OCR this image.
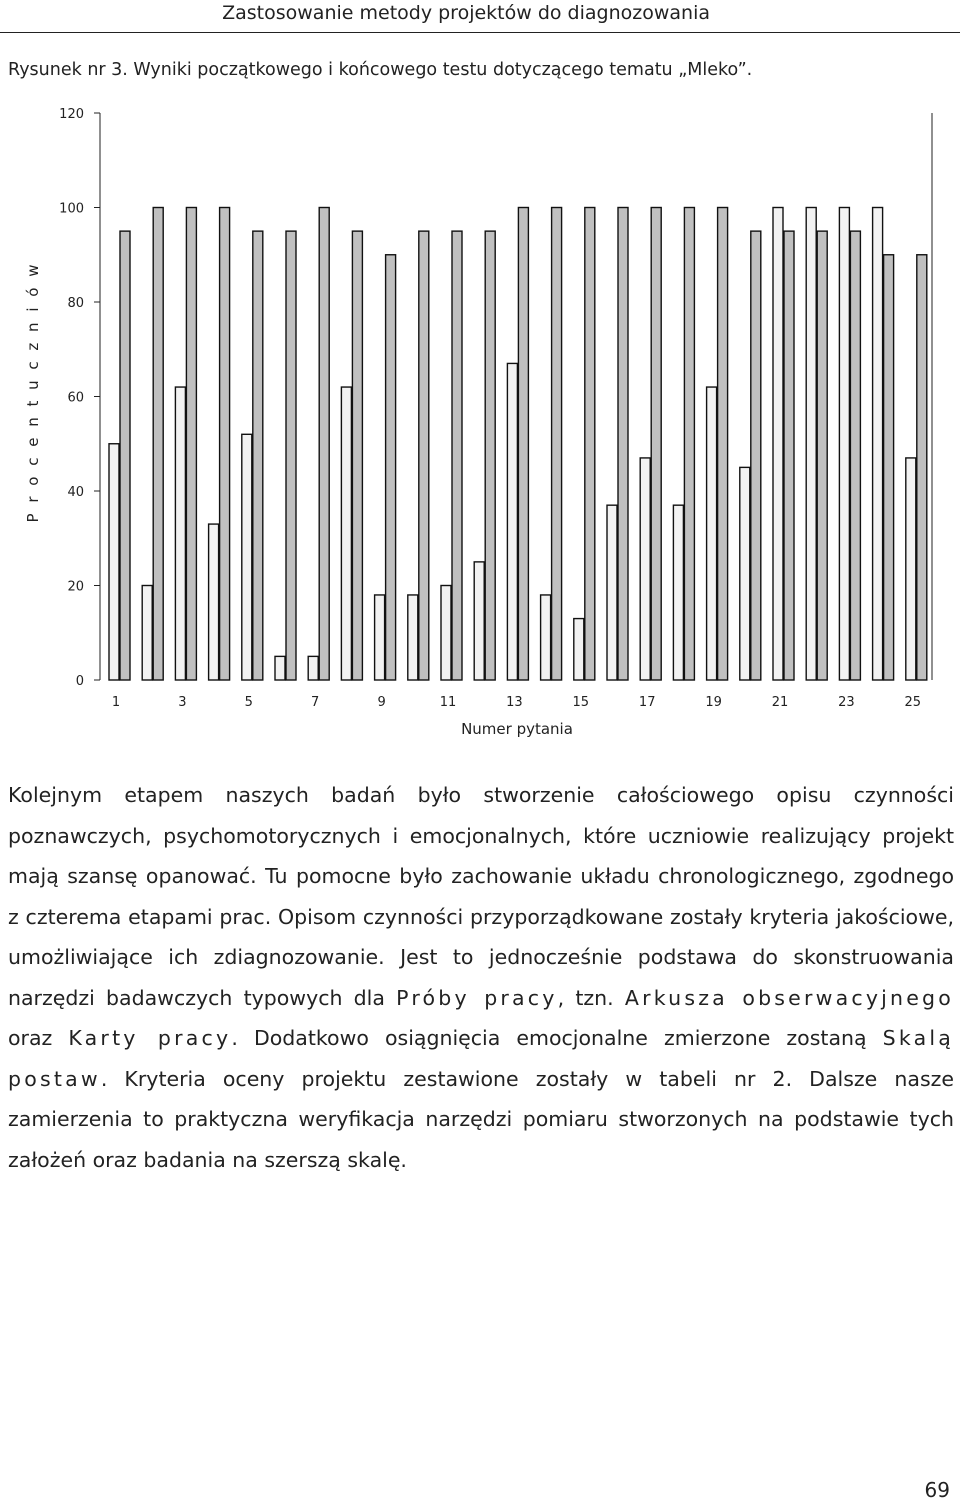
Zastosowanie metody projektów do diagnozowania
Rysunek nr 3. Wyniki początkowego i końcowego testu dotyczącego tematu „Mleko”.
0
20
40
60
80
100
120
1	3	5	7	9	11	13	15	17	19	21	23	25
Numer pytania
P r o c e n t u c z n i ó w
Kolejnym etapem naszych badań było stworzenie całościowego opisu czynności poznawczych, psychomotorycznych i emocjonalnych, które uczniowie realizujący projekt mają szansę opanować. Tu pomocne było zachowanie układu chronologicznego, zgodnego z czterema etapami prac. Opisom czynności przyporządkowane zostały kryteria jakościowe, umożliwiające ich zdiagnozowanie. Jest to jednocześnie podstawa do skonstruowania narzędzi badawczych typowych dla Próby pracy, tzn. Arkusza obserwacyjnego oraz Karty pracy. Dodatkowo osiągnięcia emocjonalne zmierzone zostaną Skalą postaw. Kryteria oceny projektu zestawione zostały w tabeli nr 2. Dalsze nasze zamierzenia to praktyczna weryfikacja narzędzi pomiaru stworzonych na podstawie tych założeń oraz badania na szerszą skalę.
69
